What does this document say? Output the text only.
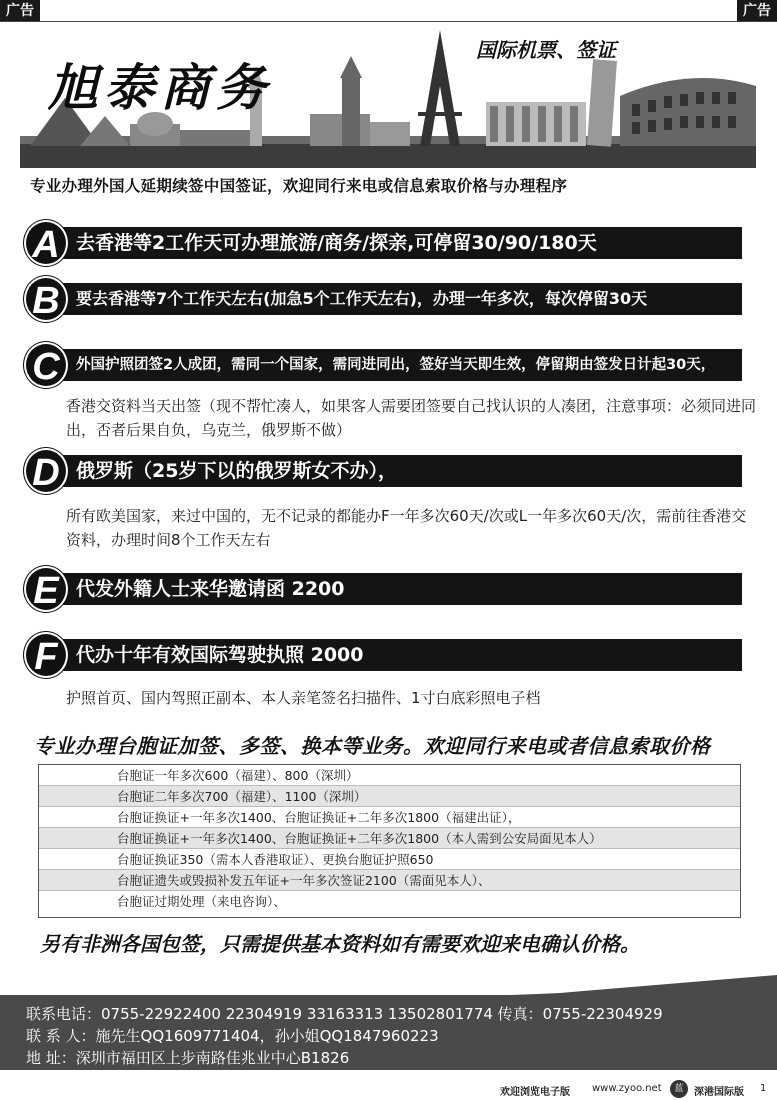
广告	广告
旭泰商务
国际机票、签证
专业办理外国人延期续签中国签证，欢迎同行来电或信息索取价格与办理程序
A 去香港等2工作天可办理旅游/商务/探亲,可停留30/90/180天
B	要去香港等7个工作天左右(加急5个工作天左右)，办理一年多次，每次停留30天
C	外国护照团签2人成团，需同一个国家，需同进同出，签好当天即生效，停留期由签发日计起30天，
香港交资料当天出签（现不帮忙凑人，如果客人需要团签要自己找认识的人凑团，注意事项：必须同进同出，否者后果自负，乌克兰，俄罗斯不做）
D 俄罗斯（25岁下以的俄罗斯女不办），
所有欧美国家，来过中国的，无不记录的都能办F一年多次60天/次或L一年多次60天/次，需前往香港交资料，办理时间8个工作天左右
E 代发外籍人士来华邀请函 2200
F 代办十年有效国际驾驶执照 2000
护照首页、国内驾照正副本、本人亲笔签名扫描件、1寸白底彩照电子档
专业办理台胞证加签、多签、换本等业务。欢迎同行来电或者信息索取价格
台胞证一年多次600（福建）、800（深圳）
台胞证二年多次700（福建）、1100（深圳）
台胞证换证+一年多次1400、台胞证换证+二年多次1800（福建出证），
台胞证换证+一年多次1400、台胞证换证+二年多次1800（本人需到公安局面见本人）
台胞证换证350（需本人香港取证）、更换台胞证护照650
台胞证遗失或毁损补发五年证+一年多次签证2100（需面见本人）、
台胞证过期处理（来电咨询）、
另有非洲各国包签，只需提供基本资料如有需要欢迎来电确认价格。
联系电话：0755-22922400 22304919 33163313 13502801774 传真：0755-22304929
联 系 人：施先生QQ1609771404，孙小姐QQ1847960223
地 址：深圳市福田区上步南路佳兆业中心B1826
欢迎浏览电子版 www.zyoo.net	蓝	深港国际版 1
